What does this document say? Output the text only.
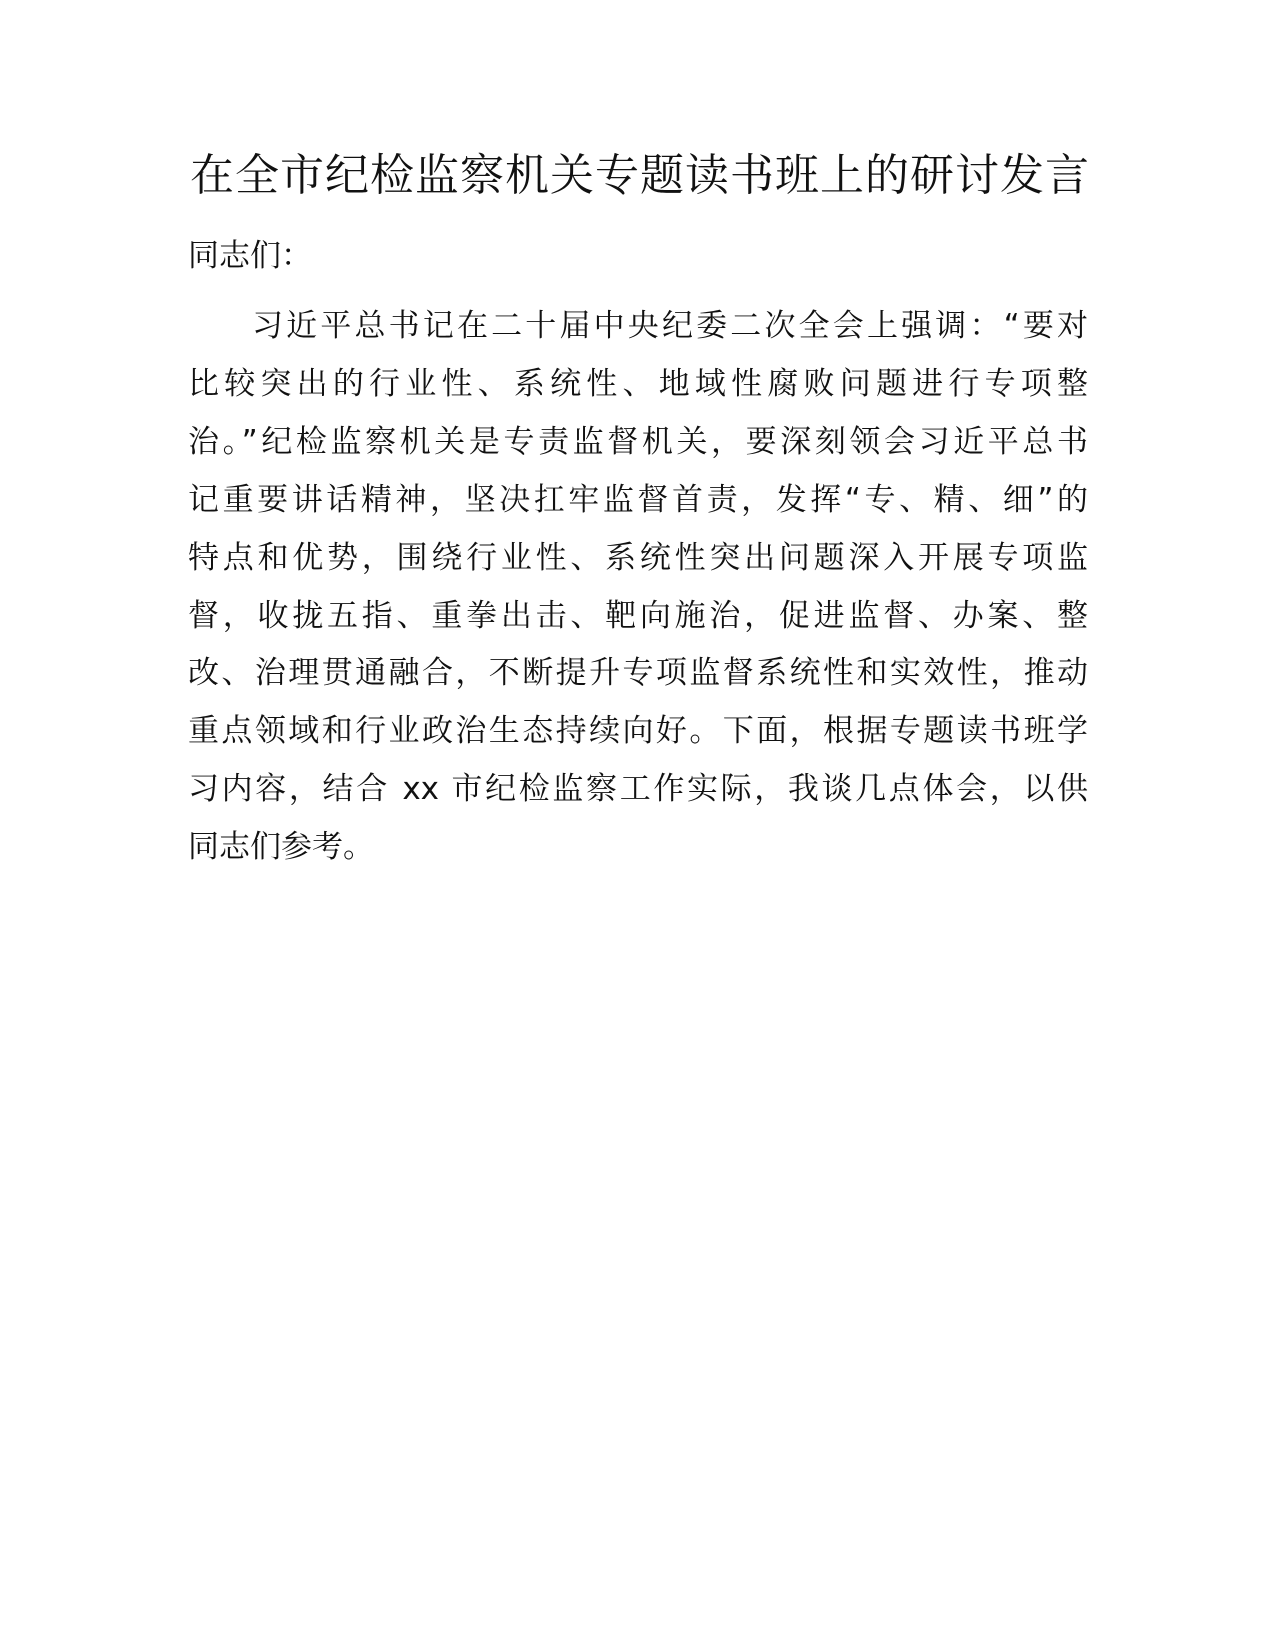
在全市纪检监察机关专题读书班上的研讨发言

同志们：

习近平总书记在二十届中央纪委二次全会上强调：“要对
比较突出的行业性、系统性、地域性腐败问题进行专项整
治。”纪检监察机关是专责监督机关，要深刻领会习近平总书
记重要讲话精神，坚决扛牢监督首责，发挥“专、精、细”的
特点和优势，围绕行业性、系统性突出问题深入开展专项监
督，收拢五指、重拳出击、靶向施治，促进监督、办案、整
改、治理贯通融合，不断提升专项监督系统性和实效性，推动
重点领域和行业政治生态持续向好。下面，根据专题读书班学
习内容，结合 xx 市纪检监察工作实际，我谈几点体会，以供
同志们参考。
